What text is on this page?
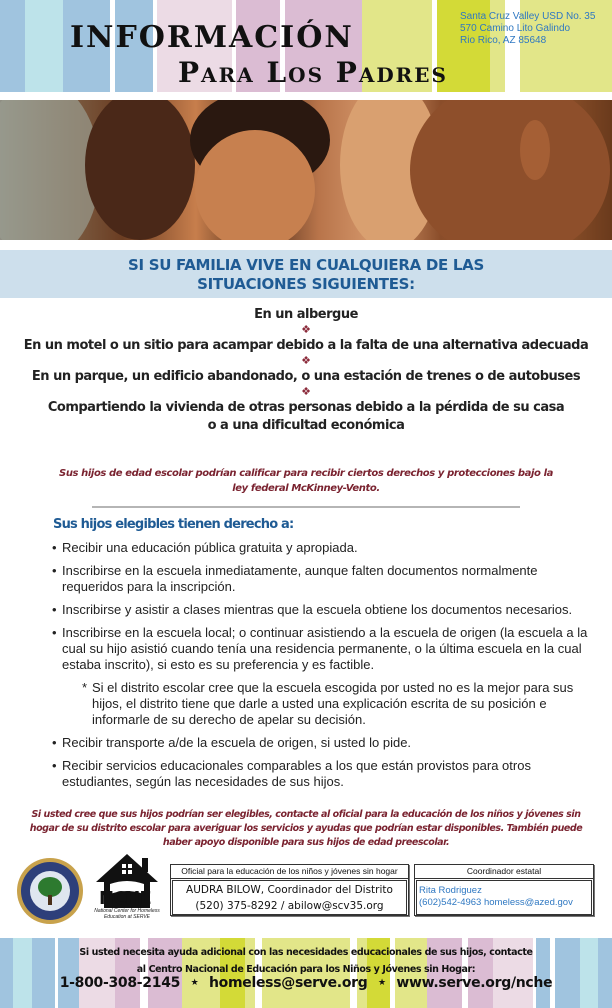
INFORMACIÓN
Para Los Padres
Santa Cruz Valley USD No. 35
570 Camino Lito Galindo
Rio Rico, AZ 85648
SI SU FAMILIA VIVE EN CUALQUIERA DE LAS
SITUACIONES SIGUIENTES:
En un albergue
❖
En un motel o un sitio para acampar debido a la falta de una alternativa adecuada
❖
En un parque, un edificio abandonado, o una estación de trenes o de autobuses
❖
Compartiendo la vivienda de otras personas debido a la pérdida de su casa
o a una dificultad económica
Sus hijos de edad escolar podrían calificar para recibir ciertos derechos y protecciones bajo la
ley federal McKinney-Vento.
Sus hijos elegibles tienen derecho a:
• Recibir una educación pública gratuita y apropiada.
• Inscribirse en la escuela inmediatamente, aunque falten documentos normalmente requeridos para la inscripción.
• Inscribirse y asistir a clases mientras que la escuela obtiene los documentos necesarios.
• Inscribirse en la escuela local; o continuar asistiendo a la escuela de origen (la escuela a la cual su hijo asistió cuando tenía una residencia permanente, o la última escuela en la cual estaba inscrito), si esto es su preferencia y es factible.
* Si el distrito escolar cree que la escuela escogida por usted no es la mejor para sus hijos, el distrito tiene que darle a usted una explicación escrita de su posición e informarle de su derecho de apelar su decisión.
• Recibir transporte a/de la escuela de origen, si usted lo pide.
• Recibir servicios educacionales comparables a los que están provistos para otros estudiantes, según las necesidades de sus hijos.
Si usted cree que sus hijos podrían ser elegibles, contacte al oficial para la educación de los niños y jóvenes sin
hogar de su distrito escolar para averiguar los servicios y ayudas que podrían estar disponibles. También puede
haber apoyo disponible para sus hijos de edad preescolar.
NCHE
National Center for Homeless Education at SERVE
Oficial para la educación de los niños y jóvenes sin hogar
AUDRA BILOW, Coordinador del Distrito
(520) 375-8292 / abilow@scv35.org
Coordinador estatal
Rita Rodriguez
(602)542-4963 homeless@azed.gov
Si usted necesita ayuda adicional con las necesidades educacionales de sus hijos, contacte
al Centro Nacional de Educación para los Niños y Jóvenes sin Hogar:
1-800-308-2145 ★ homeless@serve.org ★ www.serve.org/nche
